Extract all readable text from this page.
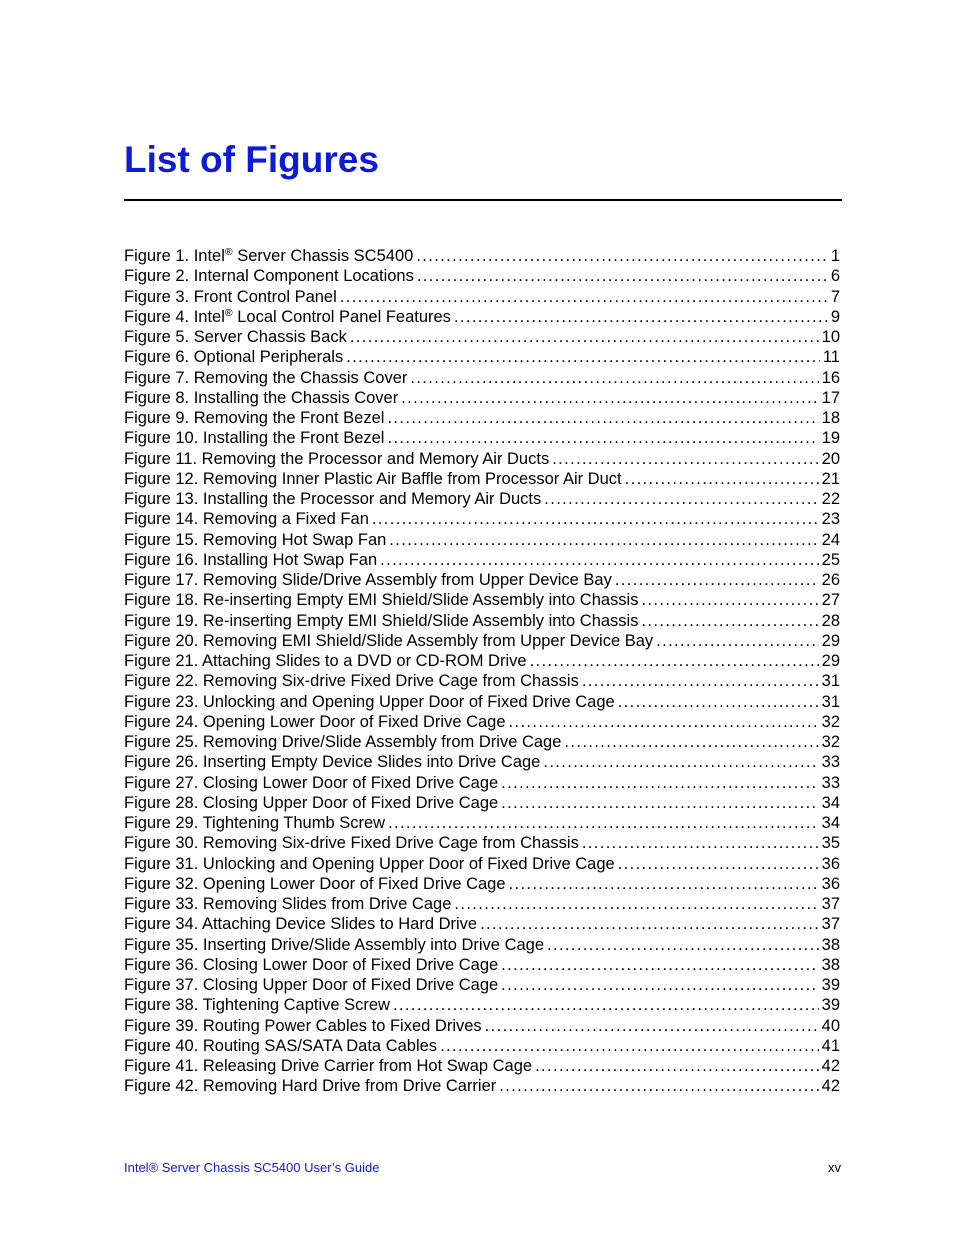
List of Figures
Figure 1. Intel® Server Chassis SC5400 . . .	1
Figure 2. Internal Component Locations . . .	6
Figure 3. Front Control Panel . . .	7
Figure 4. Intel® Local Control Panel Features . . .	9
Figure 5. Server Chassis Back . . .	10
Figure 6. Optional Peripherals . . .	11
Figure 7. Removing the Chassis Cover . . .	16
Figure 8. Installing the Chassis Cover . . .	17
Figure 9. Removing the Front Bezel . . .	18
Figure 10. Installing the Front Bezel . . .	19
Figure 11. Removing the Processor and Memory Air Ducts . . .	20
Figure 12. Removing Inner Plastic Air Baffle from Processor Air Duct . . .	21
Figure 13. Installing the Processor and Memory Air Ducts . . .	22
Figure 14. Removing a Fixed Fan . . .	23
Figure 15. Removing Hot Swap Fan . . .	24
Figure 16. Installing Hot Swap Fan . . .	25
Figure 17. Removing Slide/Drive Assembly from Upper Device Bay . . .	26
Figure 18. Re-inserting Empty EMI Shield/Slide Assembly into Chassis . . .	27
Figure 19. Re-inserting Empty EMI Shield/Slide Assembly into Chassis . . .	28
Figure 20. Removing EMI Shield/Slide Assembly from Upper Device Bay . . .	29
Figure 21. Attaching Slides to a DVD or CD-ROM Drive . . .	29
Figure 22. Removing Six-drive Fixed Drive Cage from Chassis . . .	31
Figure 23. Unlocking and Opening Upper Door of Fixed Drive Cage . . .	31
Figure 24. Opening Lower Door of Fixed Drive Cage . . .	32
Figure 25. Removing Drive/Slide Assembly from Drive Cage . . .	32
Figure 26. Inserting Empty Device Slides into Drive Cage . . .	33
Figure 27. Closing Lower Door of Fixed Drive Cage . . .	33
Figure 28. Closing Upper Door of Fixed Drive Cage . . .	34
Figure 29. Tightening Thumb Screw . . .	34
Figure 30. Removing Six-drive Fixed Drive Cage from Chassis . . .	35
Figure 31. Unlocking and Opening Upper Door of Fixed Drive Cage . . .	36
Figure 32. Opening Lower Door of Fixed Drive Cage . . .	36
Figure 33. Removing Slides from Drive Cage . . .	37
Figure 34. Attaching Device Slides to Hard Drive . . .	37
Figure 35. Inserting Drive/Slide Assembly into Drive Cage . . .	38
Figure 36. Closing Lower Door of Fixed Drive Cage . . .	38
Figure 37. Closing Upper Door of Fixed Drive Cage . . .	39
Figure 38. Tightening Captive Screw . . .	39
Figure 39. Routing Power Cables to Fixed Drives . . .	40
Figure 40. Routing SAS/SATA Data Cables . . .	41
Figure 41. Releasing Drive Carrier from Hot Swap Cage . . .	42
Figure 42. Removing Hard Drive from Drive Carrier . . .	42
Intel® Server Chassis SC5400 User’s Guide	xv
